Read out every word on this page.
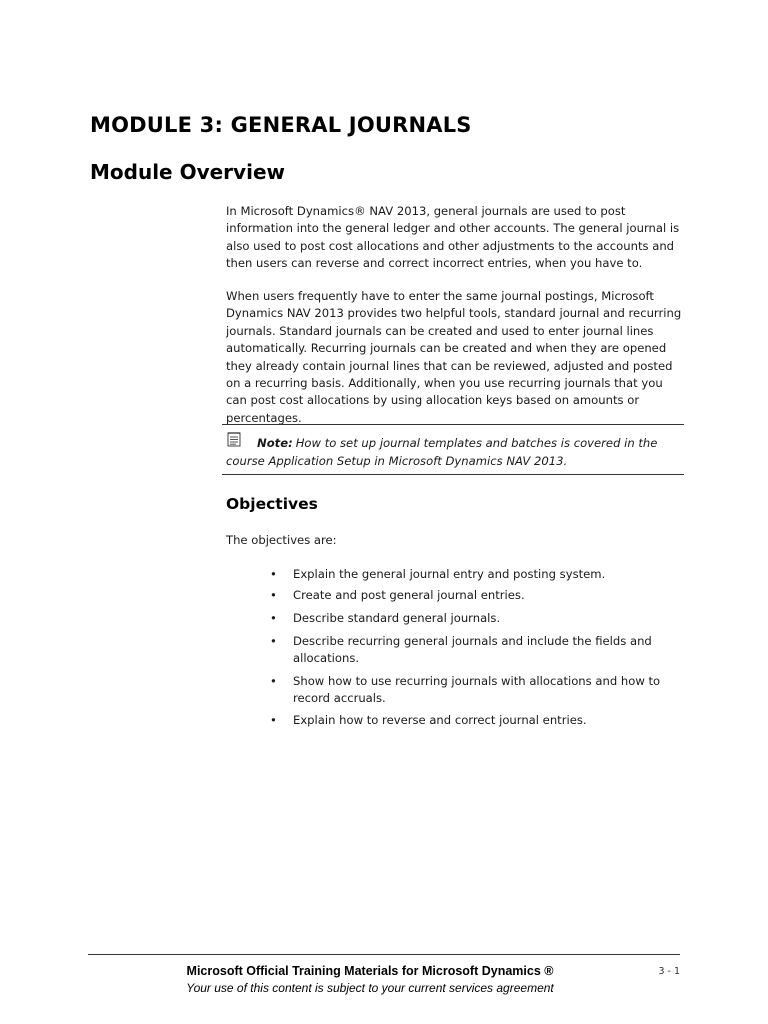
MODULE 3: GENERAL JOURNALS
Module Overview

In Microsoft Dynamics® NAV 2013, general journals are used to post information into the general ledger and other accounts. The general journal is also used to post cost allocations and other adjustments to the accounts and then users can reverse and correct incorrect entries, when you have to.

When users frequently have to enter the same journal postings, Microsoft Dynamics NAV 2013 provides two helpful tools, standard journal and recurring journals. Standard journals can be created and used to enter journal lines automatically. Recurring journals can be created and when they are opened they already contain journal lines that can be reviewed, adjusted and posted on a recurring basis. Additionally, when you use recurring journals that you can post cost allocations by using allocation keys based on amounts or percentages.

Note: How to set up journal templates and batches is covered in the course Application Setup in Microsoft Dynamics NAV 2013.

Objectives

The objectives are:

• Explain the general journal entry and posting system.
• Create and post general journal entries.
• Describe standard general journals.
• Describe recurring general journals and include the fields and allocations.
• Show how to use recurring journals with allocations and how to record accruals.
• Explain how to reverse and correct journal entries.

Microsoft Official Training Materials for Microsoft Dynamics ®

Your use of this content is subject to your current services agreement

3 - 1
